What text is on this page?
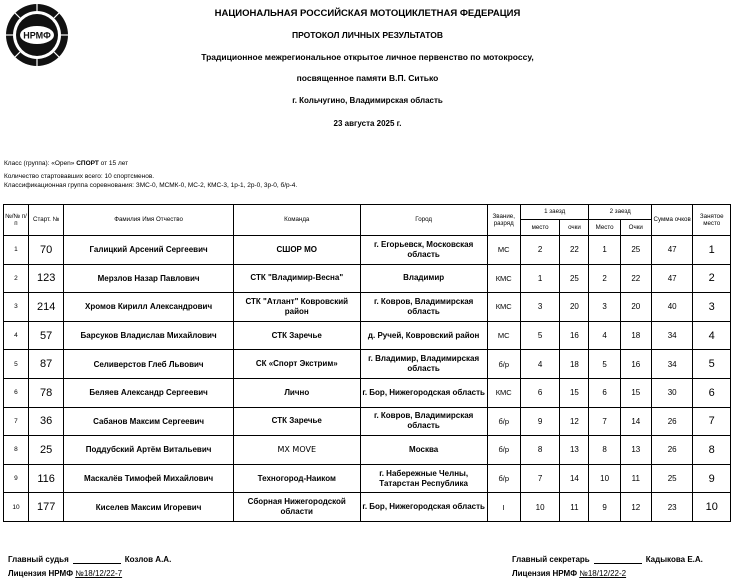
НРМФ
НАЦИОНАЛЬНАЯ РОССИЙСКАЯ МОТОЦИКЛЕТНАЯ ФЕДЕРАЦИЯ
ПРОТОКОЛ ЛИЧНЫХ РЕЗУЛЬТАТОВ
Традиционное межрегиональное открытое личное первенство по мотокроссу,
посвященное памяти В.П. Ситько
г. Кольчугино, Владимирская область
23 августа 2025 г.
Класс (группа): «Open» СПОРТ от 15 лет
Количество стартовавших всего: 10 спортсменов.
Классификационная группа соревнования: ЗМС-0, МСМК-0, МС-2, КМС-3, 1р-1, 2р-0, 3р-0, б/р-4.
№/№ п/п	Старт. №	Фамилия Имя Отчество	Команда	Город	Звание, разряд	1 заезд		2 заезд		Сумма очков	Занятое место
						место	очки	Место	Очки		
1	70	Галицкий Арсений Сергеевич	СШОР МО	г. Егорьевск, Московская область	МС	2	22	1	25	47	1
2	123	Мерзлов Назар Павлович	СТК "Владимир-Весна"	Владимир	КМС	1	25	2	22	47	2
3	214	Хромов Кирилл Александрович	СТК "Атлант" Ковровский район	г. Ковров, Владимирская область	КМС	3	20	3	20	40	3
4	57	Барсуков Владислав Михайлович	СТК Заречье	д. Ручей, Ковровский район	МС	5	16	4	18	34	4
5	87	Селиверстов Глеб Львович	СК «Спорт Экстрим»	г. Владимир, Владимирская область	б/р	4	18	5	16	34	5
6	78	Беляев Александр Сергеевич	Лично	г. Бор, Нижегородская область	КМС	6	15	6	15	30	6
7	36	Сабанов Максим Сергеевич	СТК Заречье	г. Ковров, Владимирская область	б/р	9	12	7	14	26	7
8	25	Поддубский Артём Витальевич	MX MOVE	Москва	б/р	8	13	8	13	26	8
9	116	Маскалёв Тимофей Михайлович	Техногород-Наиком	г. Набережные Челны, Татарстан Республика	б/р	7	14	10	11	25	9
10	177	Киселев Максим Игоревич	Сборная Нижегородской области	г. Бор, Нижегородская область	I	10	11	9	12	23	10
Главный судья	Козлов А.А.
Лицензия НРМФ №18/12/22-7
Главный секретарь	Кадыкова Е.А.
Лицензия НРМФ №18/12/22-2
